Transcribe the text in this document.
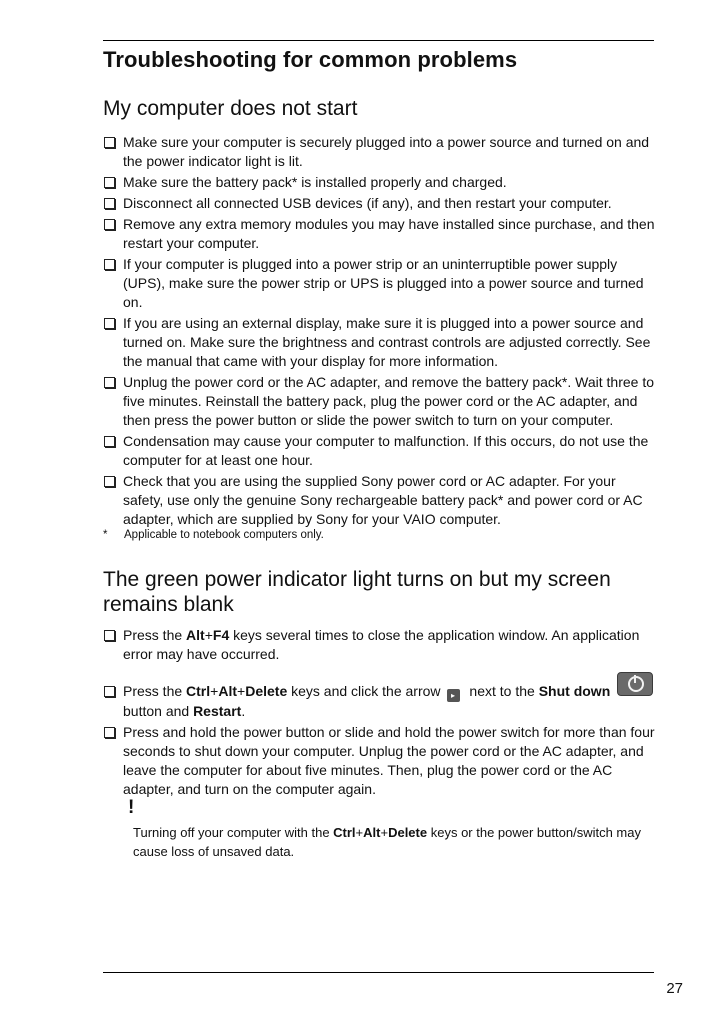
Troubleshooting for common problems
My computer does not start
Make sure your computer is securely plugged into a power source and turned on and the power indicator light is lit.
Make sure the battery pack* is installed properly and charged.
Disconnect all connected USB devices (if any), and then restart your computer.
Remove any extra memory modules you may have installed since purchase, and then restart your computer.
If your computer is plugged into a power strip or an uninterruptible power supply (UPS), make sure the power strip or UPS is plugged into a power source and turned on.
If you are using an external display, make sure it is plugged into a power source and turned on. Make sure the brightness and contrast controls are adjusted correctly. See the manual that came with your display for more information.
Unplug the power cord or the AC adapter, and remove the battery pack*. Wait three to five minutes. Reinstall the battery pack, plug the power cord or the AC adapter, and then press the power button or slide the power switch to turn on your computer.
Condensation may cause your computer to malfunction. If this occurs, do not use the computer for at least one hour.
Check that you are using the supplied Sony power cord or AC adapter. For your safety, use only the genuine Sony rechargeable battery pack* and power cord or AC adapter, which are supplied by Sony for your VAIO computer.
* Applicable to notebook computers only.
The green power indicator light turns on but my screen
remains blank
Press the Alt+F4 keys several times to close the application window. An application error may have occurred.
Press the Ctrl+Alt+Delete keys and click the arrow ▸ next to the Shut down
button and Restart.
Press and hold the power button or slide and hold the power switch for more than four seconds to shut down your computer. Unplug the power cord or the AC adapter, and leave the computer for about five minutes. Then, plug the power cord or the AC adapter, and turn on the computer again.
!
Turning off your computer with the Ctrl+Alt+Delete keys or the power button/switch may cause loss of unsaved data.
27
